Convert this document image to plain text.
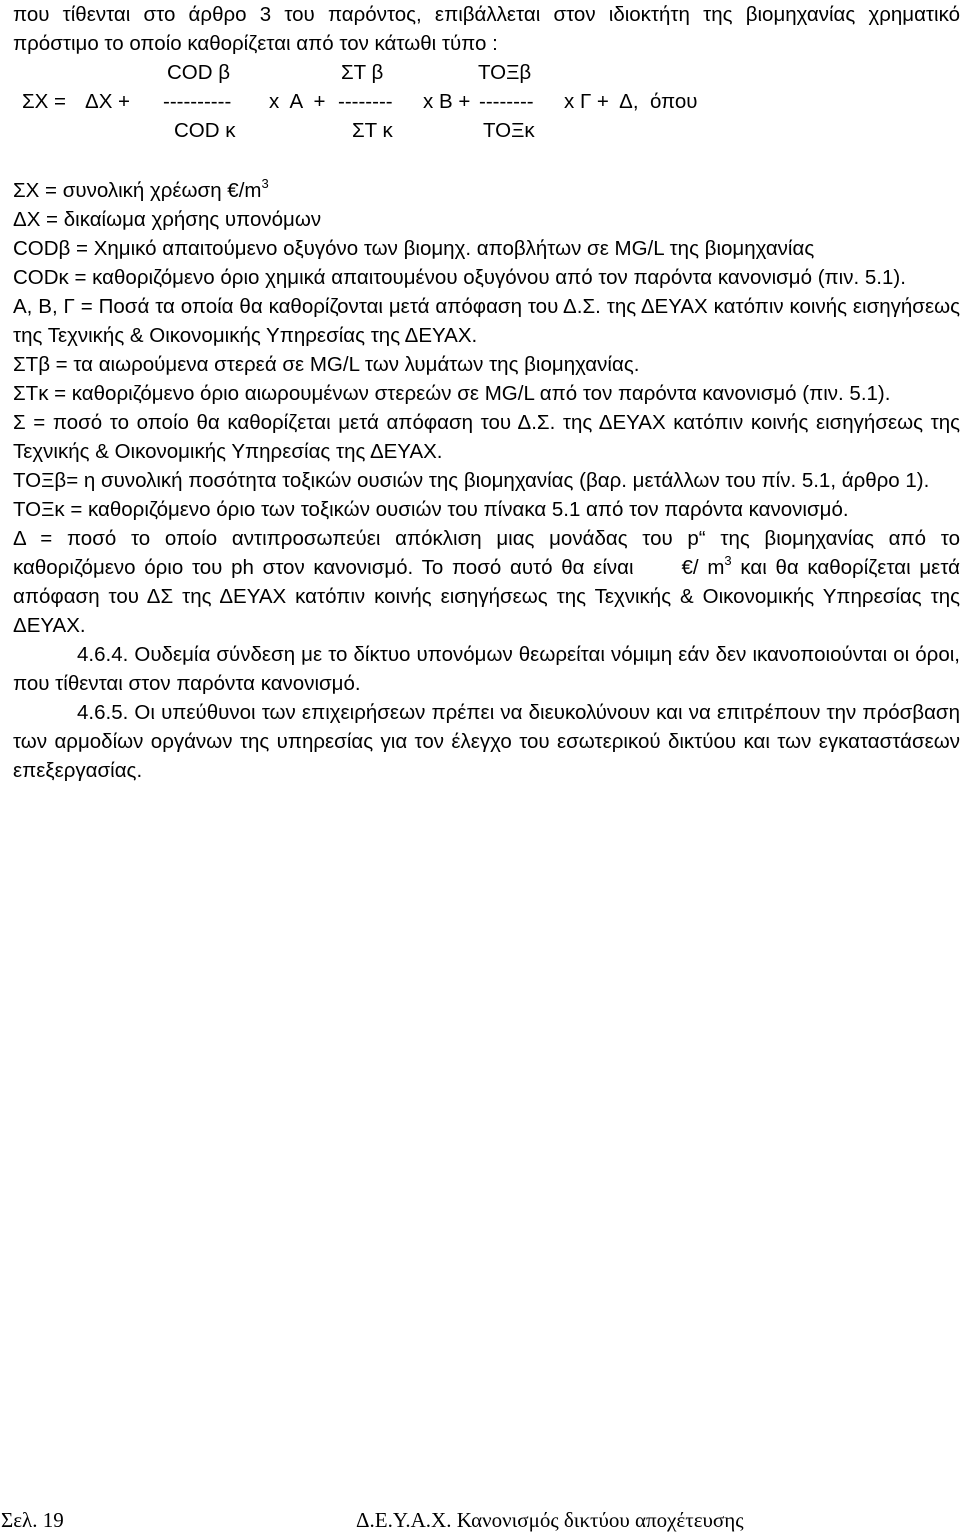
που τίθενται στο άρθρο 3 του παρόντος, επιβάλλεται στον ιδιοκτήτη της βιομηχανίας χρηματικό πρόστιμο το οποίο καθορίζεται από τον κάτωθι τύπο :

COD β

	ΣΤ β

	ΤΟΞβ

ΣΧ =

ΔΧ +

----------

x  A  +

--------

x Β +

--------

x Γ +  Δ,  όπου

COD κ

	ΣΤ κ

	ΤΟΞκ

ΣΧ = συνολική χρέωση $€/m^3$

ΔΧ = δικαίωμα χρήσης υπονόμων

CODβ = Χημικό απαιτούμενο οξυγόνο των βιομηχ. αποβλήτων σε MG/L της βιομηχανίας

CODκ = καθοριζόμενο όριο χημικά απαιτουμένου οξυγόνου από τον παρόντα κανονισμό (πιν. 5.1).

Α, Β, Γ = Ποσά τα οποία θα καθορίζονται μετά απόφαση του Δ.Σ. της ΔΕΥΑΧ κατόπιν κοινής εισηγήσεως της Τεχνικής & Οικονομικής Υπηρεσίας της ΔΕΥΑΧ.

ΣΤβ = τα αιωρούμενα στερεά σε MG/L των λυμάτων της βιομηχανίας.

ΣΤκ = καθοριζόμενο όριο αιωρουμένων στερεών σε MG/L από τον παρόντα κανονισμό (πιν. 5.1).

Σ = ποσό το οποίο θα καθορίζεται μετά απόφαση του Δ.Σ. της ΔΕΥΑΧ κατόπιν κοινής εισηγήσεως της Τεχνικής & Οικονομικής Υπηρεσίας της ΔΕΥΑΧ.

ΤΟΞβ= η συνολική ποσότητα τοξικών ουσιών της βιομηχανίας (βαρ. μετάλλων του πίν. 5.1, άρθρο 1).

ΤΟΞκ = καθοριζόμενο όριο των τοξικών ουσιών του πίνακα 5.1 από τον παρόντα κανονισμό.

Δ = ποσό το οποίο αντιπροσωπεύει απόκλιση μιας μονάδας του p“ της βιομηχανίας από το καθοριζόμενο όριο του ph στον κανονισμό. Το ποσό αυτό θα είναι €/ $m^3$ και θα καθορίζεται μετά απόφαση του ΔΣ της ΔΕΥΑΧ κατόπιν κοινής εισηγήσεως της Τεχνικής & Οικονομικής Υπηρεσίας της ΔΕΥΑΧ.

4.6.4. Ουδεμία σύνδεση με το δίκτυο υπονόμων θεωρείται νόμιμη εάν δεν ικανοποιούνται οι όροι, που τίθενται στον παρόντα κανονισμό.

4.6.5. Οι υπεύθυνοι των επιχειρήσεων πρέπει να διευκολύνουν και να επιτρέπουν την πρόσβαση των αρμοδίων οργάνων της υπηρεσίας για τον έλεγχο του εσωτερικού δικτύου και των εγκαταστάσεων επεξεργασίας.

Σελ. 19	Δ.Ε.Υ.Α.Χ. Κανονισμός δικτύου αποχέτευσης
